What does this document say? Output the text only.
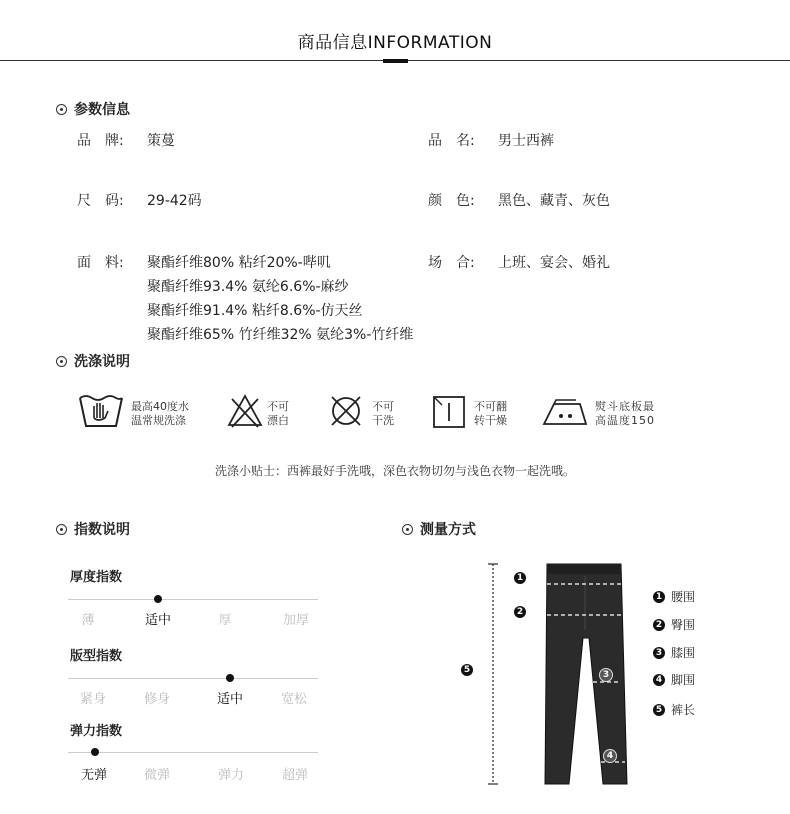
商品信息INFORMATION
参数信息
品　牌: 策蔓	品　名: 男士西裤
尺　码: 29-42码	颜　色: 黑色、藏青、灰色
面　料:	聚酯纤维80% 粘纤20%-哔叽
聚酯纤维93.4% 氨纶6.6%-麻纱
聚酯纤维91.4% 粘纤8.6%-仿天丝
聚酯纤维65% 竹纤维32% 氨纶3%-竹纤维
场　合: 上班、宴会、婚礼
洗涤说明
最高40度水
温常规洗涤
不可
漂白
不可
干洗
不可翻
转干燥
熨斗底板最
高温度150
洗涤小贴士：西裤最好手洗哦，深色衣物切勿与浅色衣物一起洗哦。
指数说明
厚度指数
薄	适中	厚	加厚
版型指数
紧身	修身	适中	宽松
弹力指数
无弹	微弹	弹力	超弹
测量方式
1
2
3
4
5
1 腰围
2 臀围
3 膝围
4 脚围
5 裤长
